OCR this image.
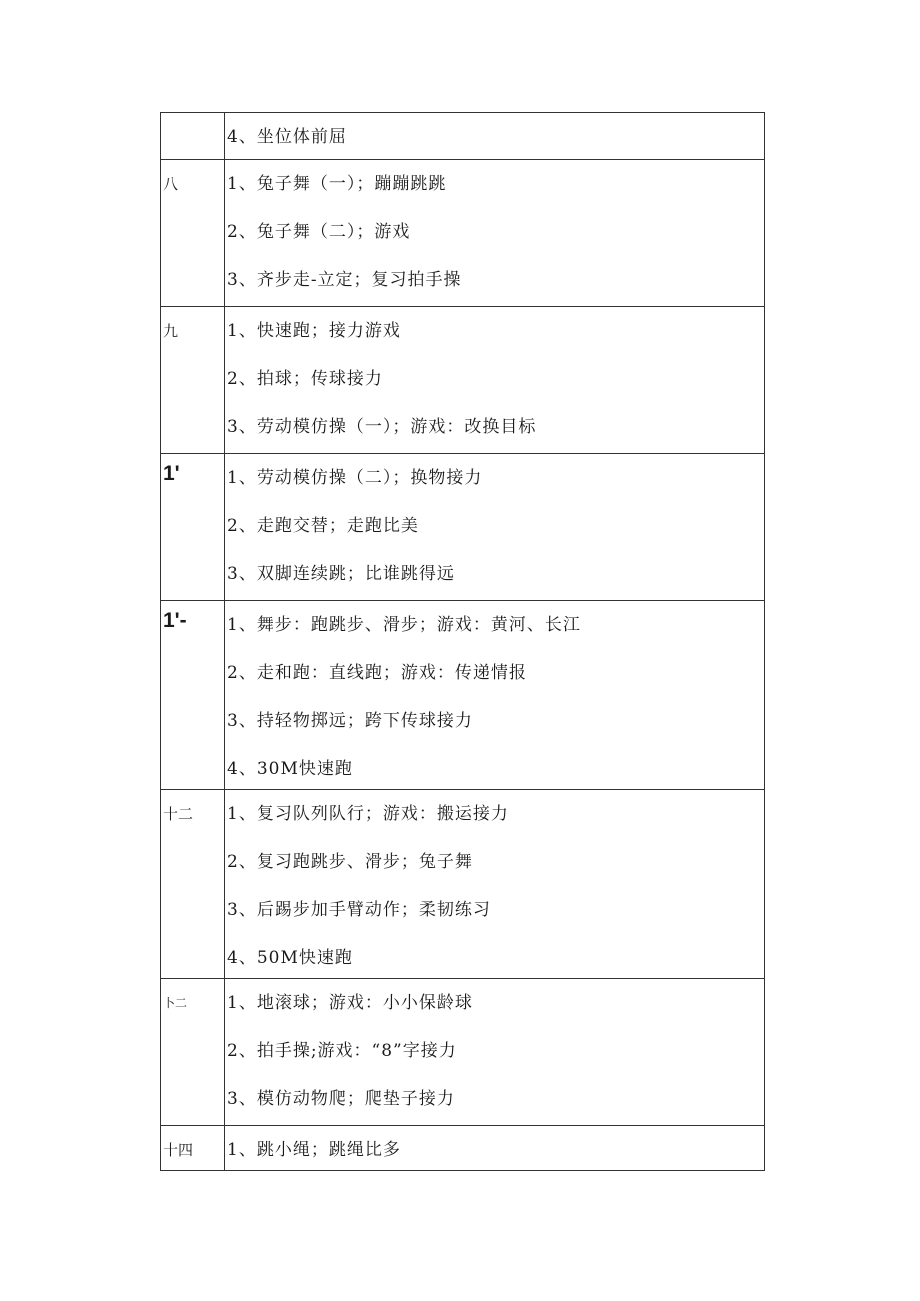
	4、坐位体前屈

八	1、兔子舞（一）；蹦蹦跳跳
2、兔子舞（二）；游戏
3、齐步走-立定；复习拍手操

九	1、快速跑；接力游戏
2、拍球；传球接力
3、劳动模仿操（一）；游戏：改换目标

1'	1、劳动模仿操（二）；换物接力
2、走跑交替；走跑比美
3、双脚连续跳；比谁跳得远

1'-	1、舞步：跑跳步、滑步；游戏：黄河、长江
2、走和跑：直线跑；游戏：传递情报
3、持轻物掷远；跨下传球接力
4、30M快速跑

十二	1、复习队列队行；游戏：搬运接力
2、复习跑跳步、滑步；兔子舞
3、后踢步加手臂动作；柔韧练习
4、50M快速跑

卜二	1、地滚球；游戏：小小保龄球
2、拍手操;游戏：“8”字接力
3、模仿动物爬；爬垫子接力

十四	1、跳小绳；跳绳比多
